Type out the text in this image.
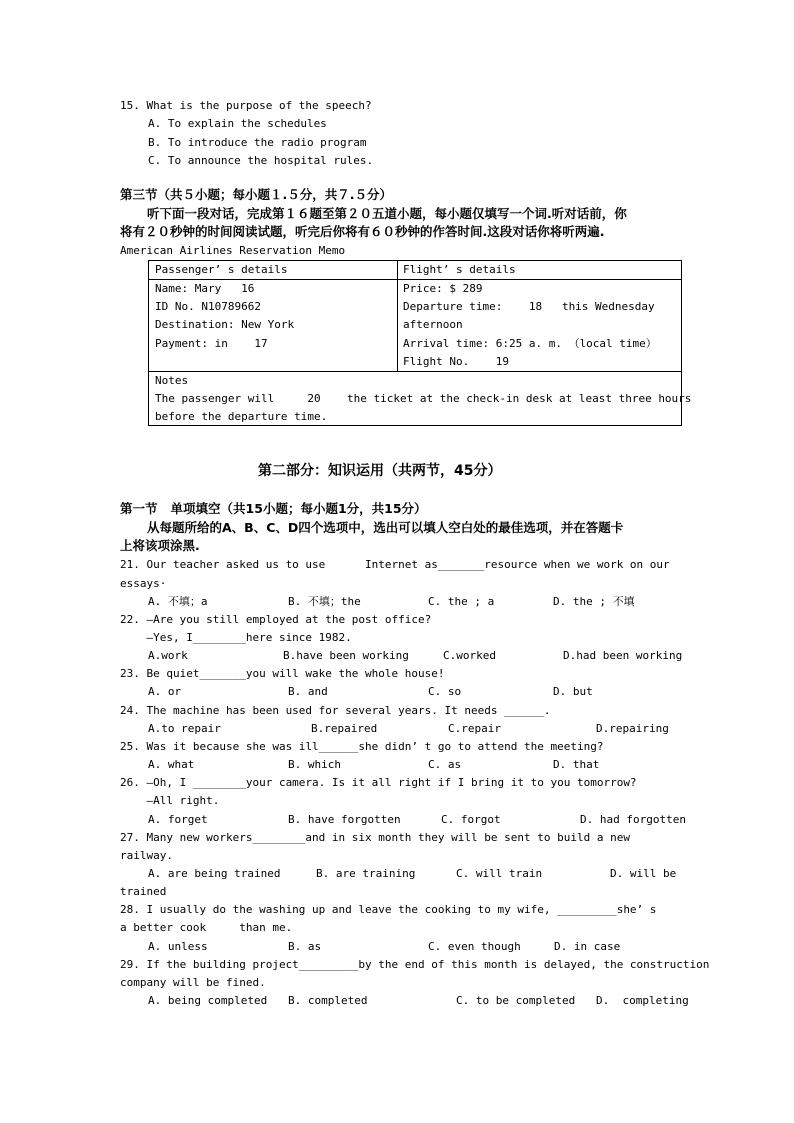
15. What is the purpose of the speech?
A. To explain the schedules
B. To introduce the radio program
C. To announce the hospital rules.
第三节（共５小题；每小题１.５分，共７.５分）
听下面一段对话，完成第１６题至第２０五道小题，每小题仅填写一个词.听对话前，你
将有２０秒钟的时间阅读试题，听完后你将有６０秒钟的作答时间.这段对话你将听两遍.
American Airlines Reservation Memo
Passenger’ s details	Flight’ s details
Name: Mary   16
ID No. N10789662
Destination: New York
Payment: in    17
Price: $ 289
Departure time:    18   this Wednesday
afternoon
Arrival time: 6:25 a. m. （local time）
Flight No.    19
Notes
The passenger will     20    the ticket at the check-in desk at least three hours
before the departure time.
第二部分：知识运用（共两节，45分）
第一节   单项填空（共15小题；每小题1分，共15分）
从每题所给的A、B、C、D四个选项中，选出可以填人空白处的最佳选项，并在答题卡
上将该项涂黑.
21. Our teacher asked us to use      Internet as_______resource when we work on our
essays·
A. 不填；a	B. 不填；the	C. the ; a	D. the ; 不填
22. —Are you still employed at the post office?
—Yes, I________here since 1982.
A.work	B.have been working	C.worked	D.had been working
23. Be quiet_______you will wake the whole house!
A. or	B. and	C. so	D. but
24. The machine has been used for several years. It needs ______.
A.to repair	B.repaired	C.repair	D.repairing
25. Was it because she was ill______she didn’ t go to attend the meeting?
A. what	B. which	C. as	D. that
26. —Oh, I ________your camera. Is it all right if I bring it to you tomorrow?
—All right.
A. forget	B. have forgotten	C. forgot	D. had forgotten
27. Many new workers________and in six month they will be sent to build a new
railway.
A. are being trained	B. are training	C. will train	D. will be
trained
28. I usually do the washing up and leave the cooking to my wife, _________she’ s
a better cook     than me.
A. unless	B. as	C. even though	D. in case
29. If the building project_________by the end of this month is delayed, the construction
company will be fined.
A. being completed B. completed	C. to be completed D.  completing
